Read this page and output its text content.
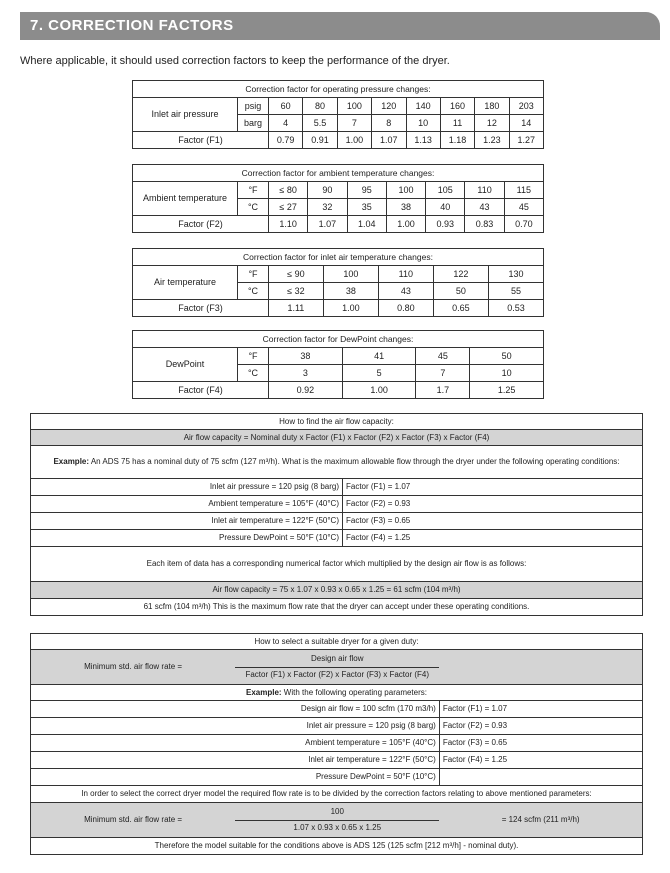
7. CORRECTION FACTORS
Where applicable, it should used correction factors to keep the performance of the dryer.
Correction factor for operating pressure changes:									
Inlet air pressure	psig	60	80	100	120	140	160	180	203
	barg	4	5.5	7	8	10	11	12	14
Factor (F1)		0.79	0.91	1.00	1.07	1.13	1.18	1.23	1.27
Correction factor for ambient temperature changes:								
Ambient temperature	°F	≤ 80	90	95	100	105	110	115
	°C	≤ 27	32	35	38	40	43	45
Factor (F2)		1.10	1.07	1.04	1.00	0.93	0.83	0.70
Correction factor for inlet air temperature changes:						
Air temperature	°F	≤ 90	100	110	122	130
	°C	≤ 32	38	43	50	55
Factor (F3)		1.11	1.00	0.80	0.65	0.53
Correction factor for DewPoint changes:					
DewPoint	°F	38	41	45	50
	°C	3	5	7	10
Factor (F4)		0.92	1.00	1.7	1.25
How to find the air flow capacity:	
Air flow capacity = Nominal duty x Factor (F1) x Factor (F2) x Factor (F3) x Factor (F4)	
Example: An ADS 75 has a nominal duty of 75 scfm (127 m³/h). What is the maximum allowable flow through the dryer under the following operating conditions:	
Inlet air pressure = 120 psig (8 barg)	Factor (F1) = 1.07
Ambient temperature = 105°F (40°C)	Factor (F2) = 0.93
Inlet air temperature = 122°F (50°C)	Factor (F3) = 0.65
Pressure DewPoint = 50°F (10°C)	Factor (F4) = 1.25
Each item of data has a corresponding numerical factor which multiplied by the design air flow is as follows:	
Air flow capacity = 75 x 1.07 x 0.93 x 0.65 x 1.25 = 61 scfm (104 m³/h)	
61 scfm (104 m³/h) This is the maximum flow rate that the dryer can accept under these operating conditions.	
How to select a suitable dryer for a given duty:		
Minimum std. air flow rate =	Design air flow
Factor (F1) x Factor (F2) x Factor (F3) x Factor (F4)	

Example: With the following operating parameters:		
Design air flow = 100 scfm (170 m3/h)		Factor (F1) = 1.07
Inlet air pressure = 120 psig (8 barg)		Factor (F2) = 0.93
Ambient temperature = 105°F (40°C)		Factor (F3) = 0.65
Inlet air temperature = 122°F (50°C)		Factor (F4) = 1.25
Pressure DewPoint = 50°F (10°C)		
In order to select the correct dryer model the required flow rate is to be divided by the correction factors relating to above mentioned parameters:		
Minimum std. air flow rate =	100
1.07 x 0.93 x 0.65 x 1.25	= 124 scfm (211 m³/h)
Therefore the model suitable for the conditions above is ADS 125 (125 scfm [212 m³/h] - nominal duty).		
